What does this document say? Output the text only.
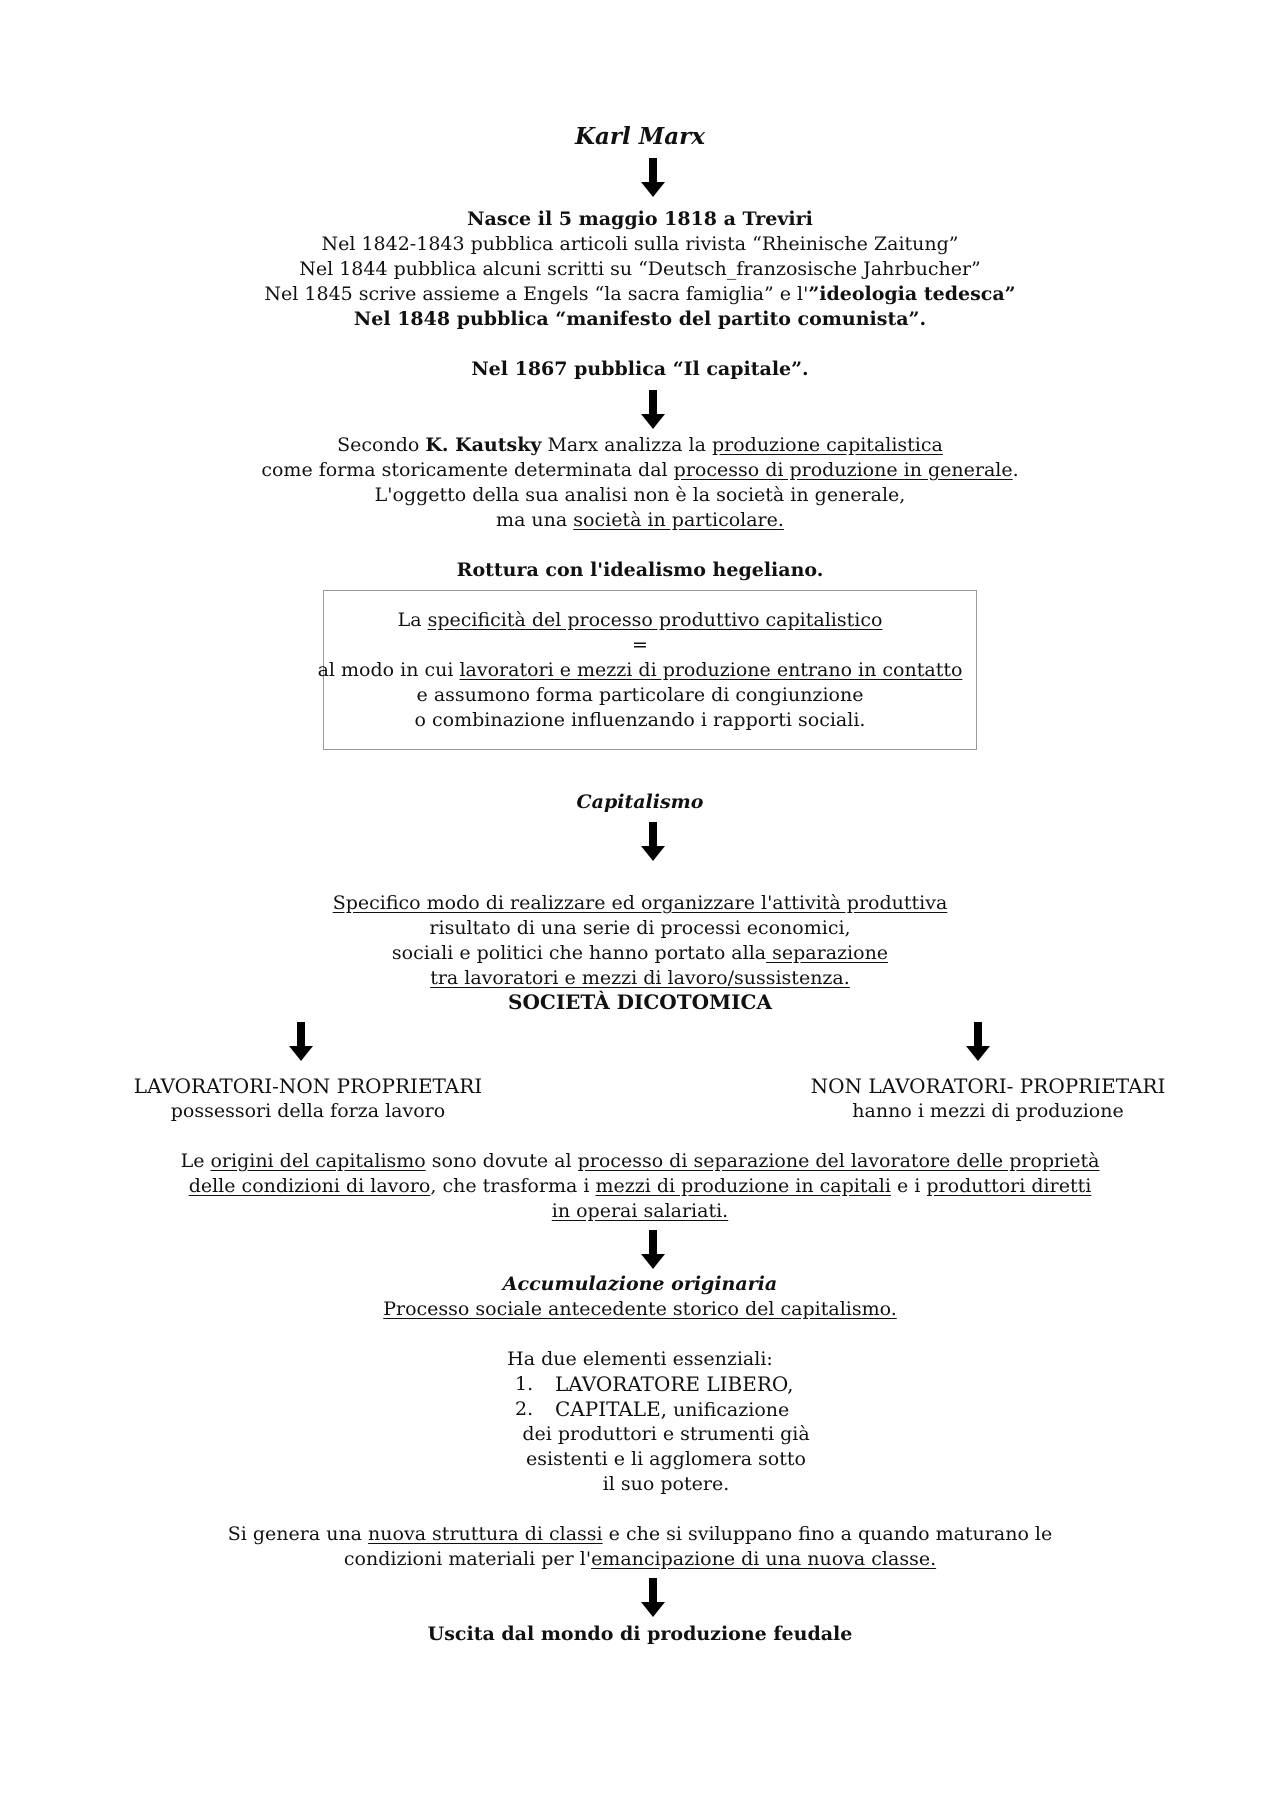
Karl Marx
Nasce il 5 maggio 1818 a Treviri
Nel 1842-1843 pubblica articoli sulla rivista “Rheinische Zaitung”
Nel 1844 pubblica alcuni scritti su “Deutsch_franzosische Jahrbucher”
Nel 1845 scrive assieme a Engels “la sacra famiglia” e l'”ideologia tedesca”
Nel 1848 pubblica “manifesto del partito comunista”.
Nel 1867 pubblica “Il capitale”.
Secondo K. Kautsky Marx analizza la produzione capitalistica
come forma storicamente determinata dal processo di produzione in generale.
L'oggetto della sua analisi non è la società in generale,
ma una società in particolare.
Rottura con l'idealismo hegeliano.
La specificità del processo produttivo capitalistico
=
al modo in cui lavoratori e mezzi di produzione entrano in contatto
e assumono forma particolare di congiunzione
o combinazione influenzando i rapporti sociali.
Capitalismo
Specifico modo di realizzare ed organizzare l'attività produttiva
risultato di una serie di processi economici,
sociali e politici che hanno portato alla separazione
tra lavoratori e mezzi di lavoro/sussistenza.
SOCIETÀ DICOTOMICA
LAVORATORI-NON PROPRIETARI
possessori della forza lavoro
NON LAVORATORI- PROPRIETARI
hanno i mezzi di produzione
Le origini del capitalismo sono dovute al processo di separazione del lavoratore delle proprietà
delle condizioni di lavoro, che trasforma i mezzi di produzione in capitali e i produttori diretti
in operai salariati.
Accumulazione originaria
Processo sociale antecedente storico del capitalismo.
Ha due elementi essenziali:
1. LAVORATORE LIBERO,
2. CAPITALE, unificazione
dei produttori e strumenti già
esistenti e li agglomera sotto
il suo potere.
Si genera una nuova struttura di classi e che si sviluppano fino a quando maturano le
condizioni materiali per l'emancipazione di una nuova classe.
Uscita dal mondo di produzione feudale
